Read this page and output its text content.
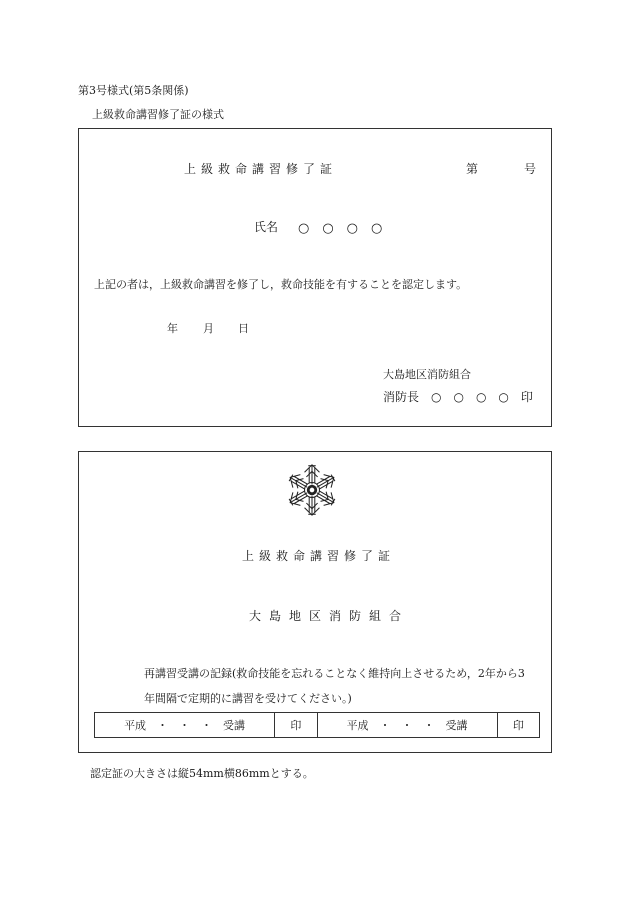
第3号様式(第5条関係)
上級救命講習修了証の様式
上級救命講習修了証	第	号
氏名 ○　○　○　○
上記の者は，上級救命講習を修了し，救命技能を有することを認定します。
年 月 日
大島地区消防組合
消防長　○　○　○　○　印
上級救命講習修了証
大島地区消防組合
再講習受講の記録(救命技能を忘れることなく維持向上させるため，2年から3
年間隔で定期的に講習を受けてください。)
平成　・　・　・　受講	印	平成　・　・　・　受講	印
認定証の大きさは縦54mm横86mmとする。
